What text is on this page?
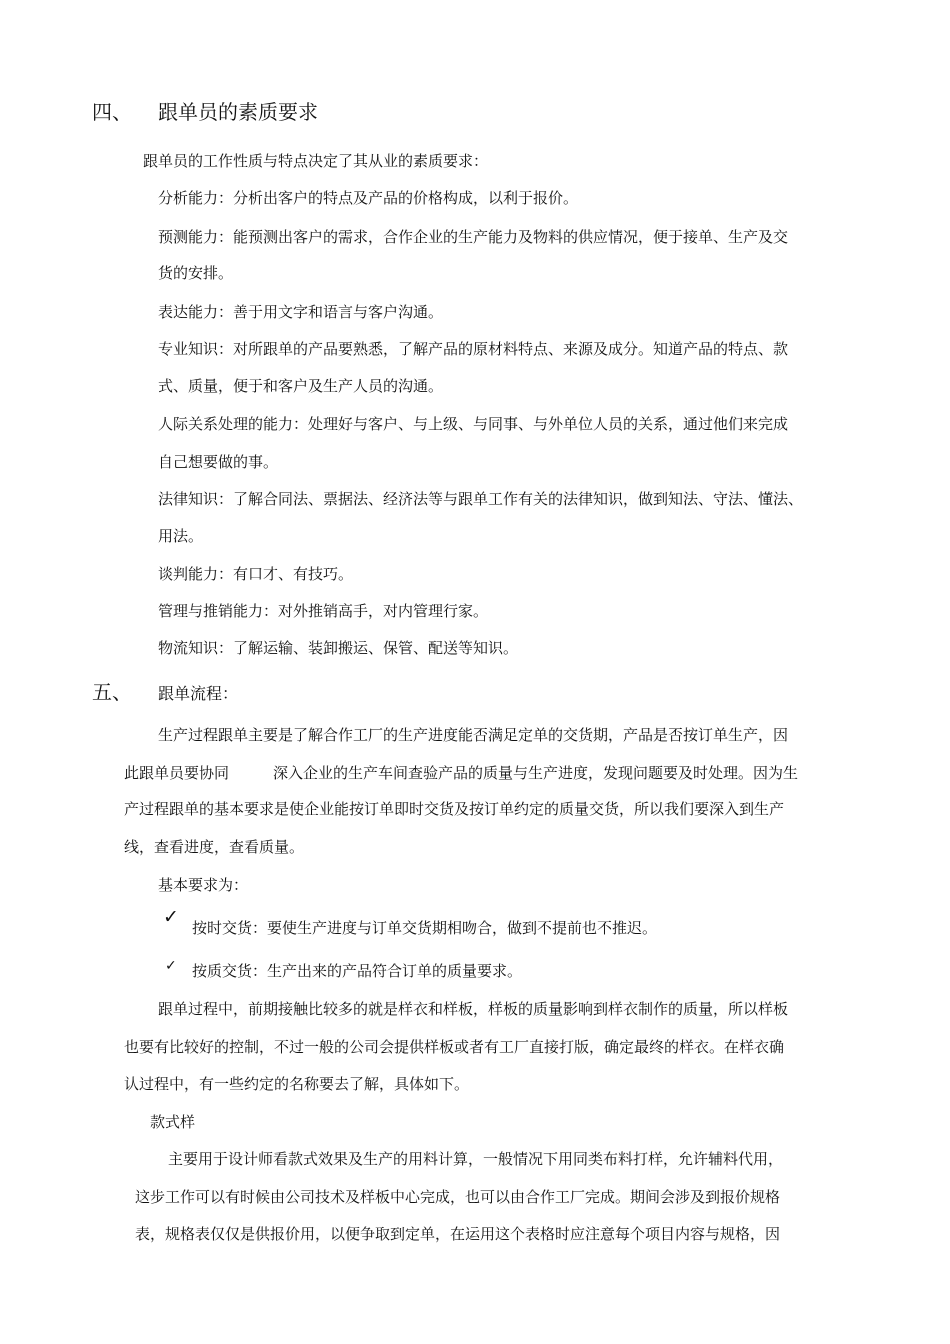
四、 跟单员的素质要求

跟单员的工作性质与特点决定了其从业的素质要求：

分析能力：分析出客户的特点及产品的价格构成，以利于报价。

预测能力：能预测出客户的需求，合作企业的生产能力及物料的供应情况，便于接单、生产及交

货的安排。

表达能力：善于用文字和语言与客户沟通。

专业知识：对所跟单的产品要熟悉，了解产品的原材料特点、来源及成分。知道产品的特点、款

式、质量，便于和客户及生产人员的沟通。

人际关系处理的能力：处理好与客户、与上级、与同事、与外单位人员的关系，通过他们来完成

自己想要做的事。

法律知识：了解合同法、票据法、经济法等与跟单工作有关的法律知识，做到知法、守法、懂法、

用法。

谈判能力：有口才、有技巧。

管理与推销能力：对外推销高手，对内管理行家。

物流知识：了解运输、装卸搬运、保管、配送等知识。

五、 跟单流程：

生产过程跟单主要是了解合作工厂的生产进度能否满足定单的交货期，产品是否按订单生产，因

此跟单员要协同	深入企业的生产车间查验产品的质量与生产进度，发现问题要及时处理。因为生

产过程跟单的基本要求是使企业能按订单即时交货及按订单约定的质量交货，所以我们要深入到生产

线，查看进度，查看质量。

基本要求为：

✓ 按时交货：要使生产进度与订单交货期相吻合，做到不提前也不推迟。

✓ 按质交货：生产出来的产品符合订单的质量要求。

跟单过程中，前期接触比较多的就是样衣和样板，样板的质量影响到样衣制作的质量，所以样板

也要有比较好的控制，不过一般的公司会提供样板或者有工厂直接打版，确定最终的样衣。在样衣确

认过程中，有一些约定的名称要去了解，具体如下。

款式样

主要用于设计师看款式效果及生产的用料计算，一般情况下用同类布料打样，允许辅料代用，

这步工作可以有时候由公司技术及样板中心完成，也可以由合作工厂完成。期间会涉及到报价规格

表，规格表仅仅是供报价用，以便争取到定单，在运用这个表格时应注意每个项目内容与规格，因
